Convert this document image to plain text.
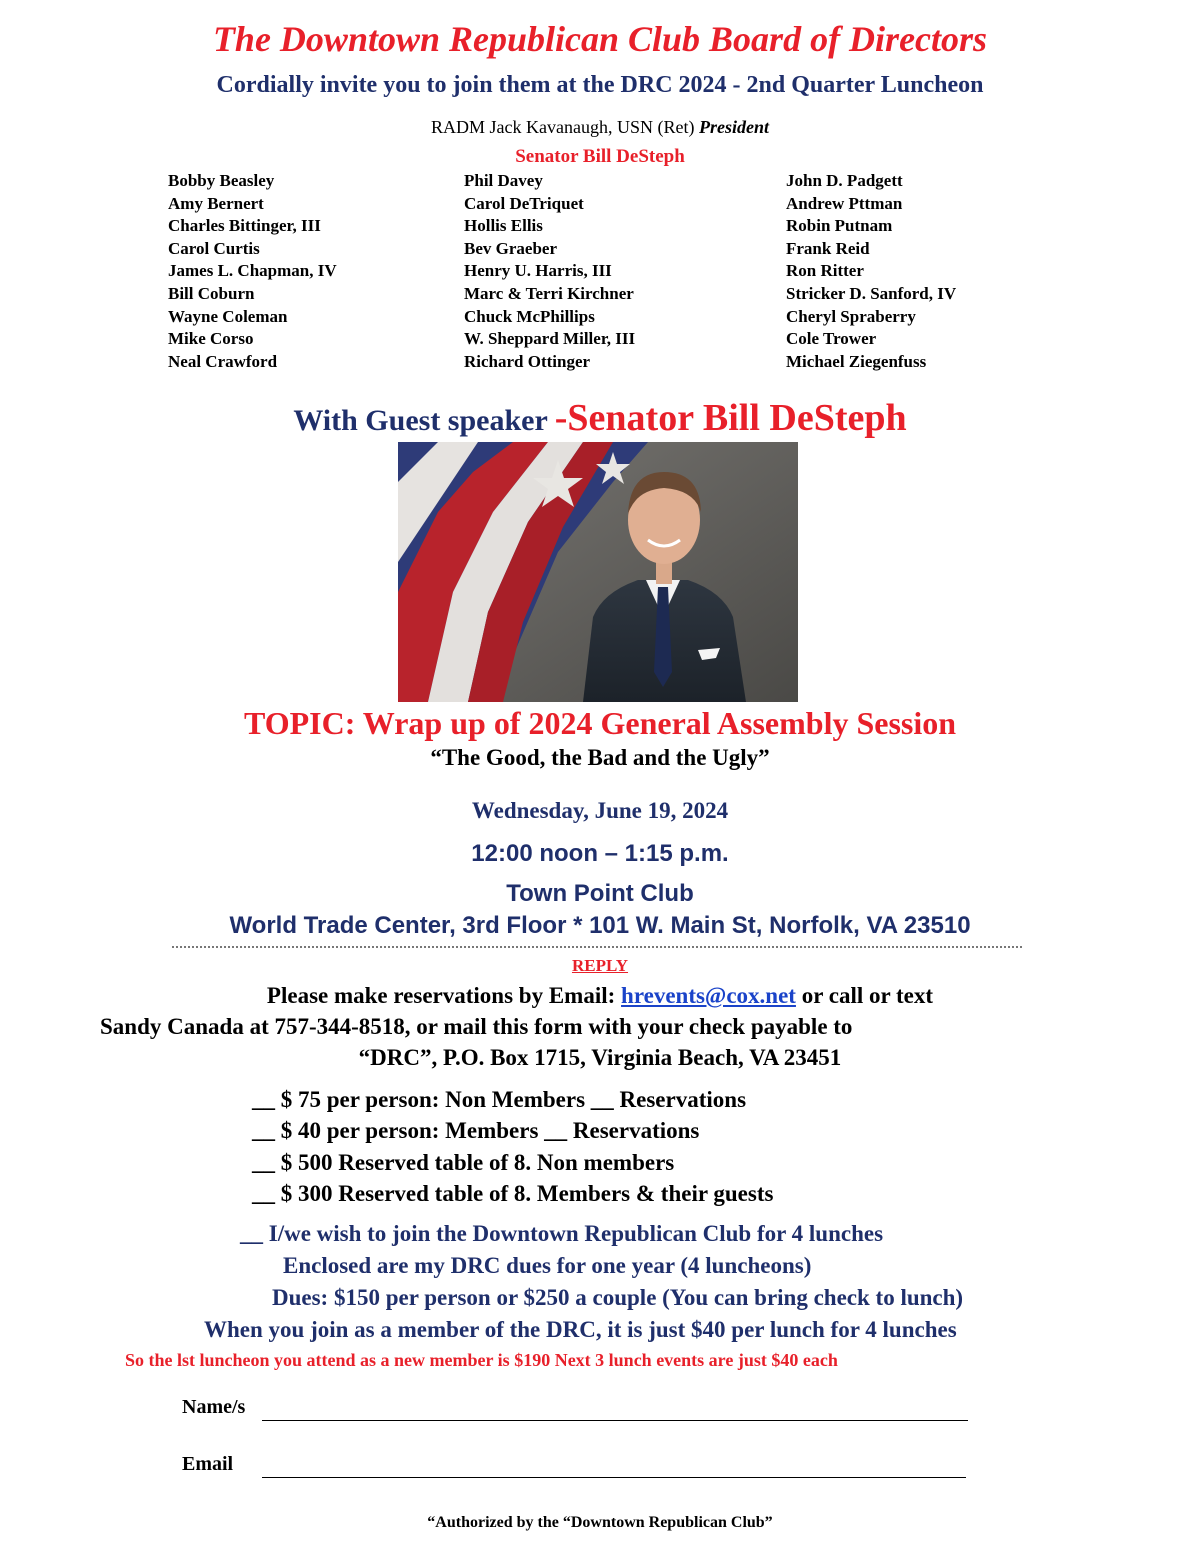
The Downtown Republican Club Board of Directors
Cordially invite you to join them at the DRC 2024 - 2nd Quarter Luncheon
RADM Jack Kavanaugh, USN (Ret) President
Senator Bill DeSteph
Bobby Beasley
Amy Bernert
Charles Bittinger, III
Carol Curtis
James L. Chapman, IV
Bill Coburn
Wayne Coleman
Mike Corso
Neal Crawford
Phil Davey
Carol DeTriquet
Hollis Ellis
Bev Graeber
Henry U. Harris, III
Marc & Terri Kirchner
Chuck McPhillips
W. Sheppard Miller, III
Richard Ottinger
John D. Padgett
Andrew Pttman
Robin Putnam
Frank Reid
Ron Ritter
Stricker D. Sanford, IV
Cheryl Spraberry
Cole Trower
Michael Ziegenfuss
With Guest speaker -Senator Bill DeSteph
TOPIC: Wrap up of 2024 General Assembly Session
“The Good, the Bad and the Ugly”
Wednesday, June 19, 2024
12:00 noon – 1:15 p.m.
Town Point Club
World Trade Center, 3rd Floor * 101 W. Main St, Norfolk, VA 23510
REPLY
Please make reservations by Email: hrevents@cox.net or call or text
Sandy Canada at 757-344-8518, or mail this form with your check payable to
“DRC”, P.O. Box 1715, Virginia Beach, VA 23451
__ $ 75 per person: Non Members __ Reservations
__ $ 40 per person: Members __ Reservations
__ $ 500 Reserved table of 8. Non members
__ $ 300 Reserved table of 8. Members & their guests
__ I/we wish to join the Downtown Republican Club for 4 lunches
Enclosed are my DRC dues for one year (4 luncheons)
Dues: $150 per person or $250 a couple (You can bring check to lunch)
When you join as a member of the DRC, it is just $40 per lunch for 4 lunches
So the lst luncheon you attend as a new member is $190 Next 3 lunch events are just $40 each
Name/s
Email
“Authorized by the “Downtown Republican Club”
